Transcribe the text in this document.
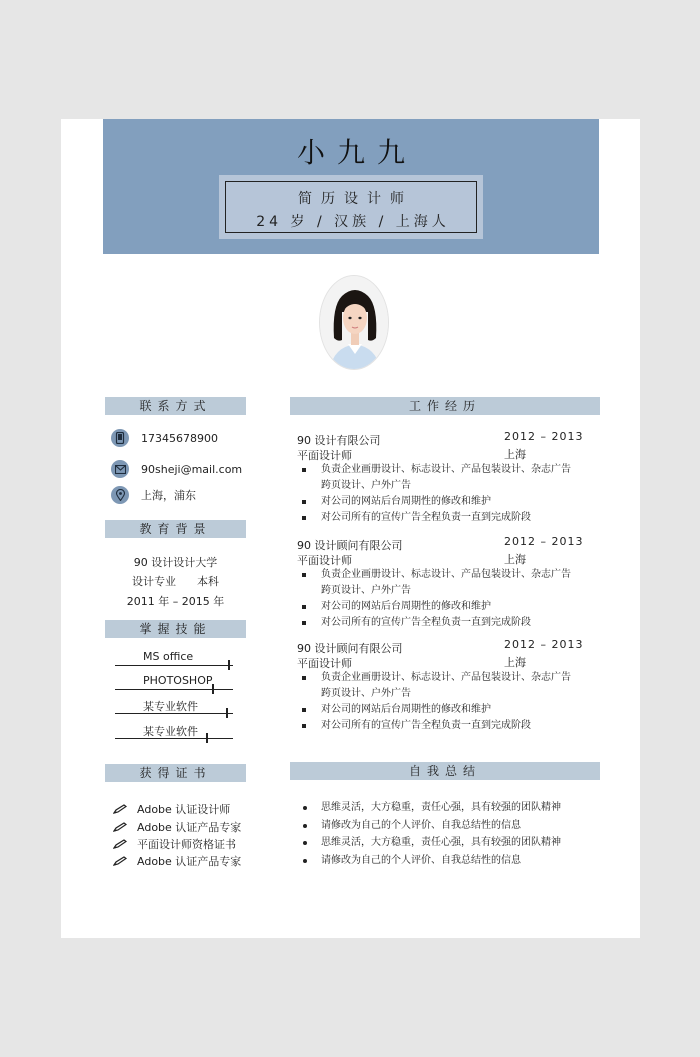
小九九
简历设计师
24 岁 / 汉族 / 上海人
联系方式
17345678900
90sheji@mail.com
上海，浦东
教育背景
90 设计设计大学
设计专业      本科
2011 年 – 2015 年
掌握技能
MS office
PHOTOSHOP
某专业软件
某专业软件
获得证书
Adobe 认证设计师
Adobe 认证产品专家
平面设计师资格证书
Adobe 认证产品专家
工作经历
90 设计有限公司	2012 – 2013
平面设计师	上海
负责企业画册设计、标志设计、产品包装设计、杂志广告跨页设计、户外广告
对公司的网站后台周期性的修改和维护
对公司所有的宣传广告全程负责一直到完成阶段
90 设计顾问有限公司	2012 – 2013
平面设计师	上海
负责企业画册设计、标志设计、产品包装设计、杂志广告跨页设计、户外广告
对公司的网站后台周期性的修改和维护
对公司所有的宣传广告全程负责一直到完成阶段
90 设计顾问有限公司	2012 – 2013
平面设计师	上海
负责企业画册设计、标志设计、产品包装设计、杂志广告跨页设计、户外广告
对公司的网站后台周期性的修改和维护
对公司所有的宣传广告全程负责一直到完成阶段
自我总结
思维灵活，大方稳重，责任心强，具有较强的团队精神
请修改为自己的个人评价、自我总结性的信息
思维灵活，大方稳重，责任心强，具有较强的团队精神
请修改为自己的个人评价、自我总结性的信息
